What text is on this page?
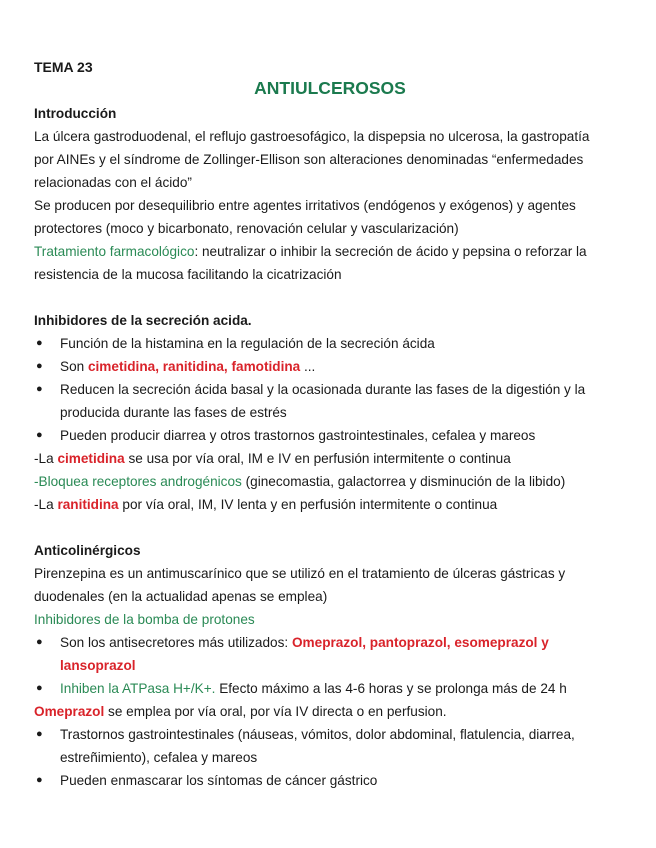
TEMA 23
ANTIULCEROSOS
Introducción
La úlcera gastroduodenal, el reflujo gastroesofágico, la dispepsia no ulcerosa, la gastropatía
por AINEs y el síndrome de Zollinger-Ellison son alteraciones denominadas “enfermedades
relacionadas con el ácido”
Se producen por desequilibrio entre agentes irritativos (endógenos y exógenos) y agentes
protectores (moco y bicarbonato, renovación celular y vascularización)
Tratamiento farmacológico: neutralizar o inhibir la secreción de ácido y pepsina o reforzar la
resistencia de la mucosa facilitando la cicatrización
Inhibidores de la secreción acida.
● Función de la histamina en la regulación de la secreción ácida
● Son cimetidina, ranitidina, famotidina ...
● Reducen la secreción ácida basal y la ocasionada durante las fases de la digestión y la
producida durante las fases de estrés
● Pueden producir diarrea y otros trastornos gastrointestinales, cefalea y mareos
-La cimetidina se usa por vía oral, IM e IV en perfusión intermitente o continua
-Bloquea receptores androgénicos (ginecomastia, galactorrea y disminución de la libido)
-La ranitidina por vía oral, IM, IV lenta y en perfusión intermitente o continua
Anticolinérgicos
Pirenzepina es un antimuscarínico que se utilizó en el tratamiento de úlceras gástricas y
duodenales (en la actualidad apenas se emplea)
Inhibidores de la bomba de protones
● Son los antisecretores más utilizados: Omeprazol, pantoprazol, esomeprazol y
lansoprazol
● Inhiben la ATPasa H+/K+. Efecto máximo a las 4-6 horas y se prolonga más de 24 h
Omeprazol se emplea por vía oral, por vía IV directa o en perfusion.
● Trastornos gastrointestinales (náuseas, vómitos, dolor abdominal, flatulencia, diarrea,
estreñimiento), cefalea y mareos
● Pueden enmascarar los síntomas de cáncer gástrico
